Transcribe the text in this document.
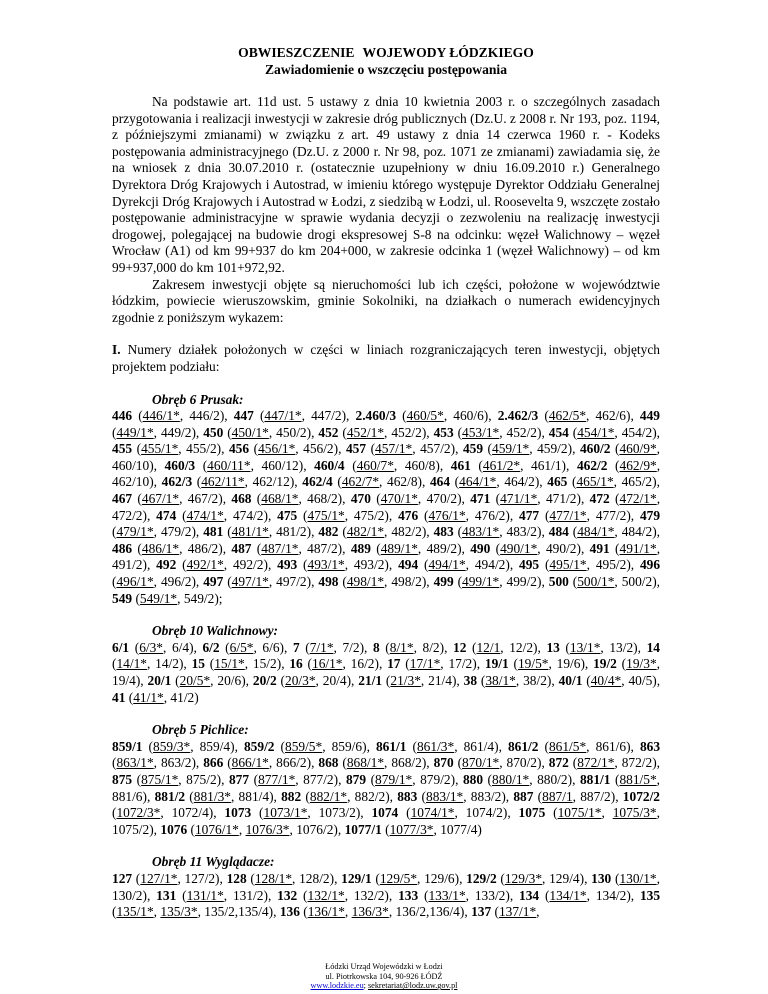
OBWIESZCZENIE WOJEWODY ŁÓDZKIEGO
Zawiadomienie o wszczęciu postępowania

Na podstawie art. 11d ust. 5 ustawy z dnia 10 kwietnia 2003 r. o szczególnych zasadach przygotowania i realizacji inwestycji w zakresie dróg publicznych (Dz.U. z 2008 r. Nr 193, poz. 1194, z późniejszymi zmianami) w związku z art. 49 ustawy z dnia 14 czerwca 1960 r. - Kodeks postępowania administracyjnego (Dz.U. z 2000 r. Nr 98, poz. 1071 ze zmianami) zawiadamia się, że na wniosek z dnia 30.07.2010 r. (ostatecznie uzupełniony w dniu 16.09.2010 r.) Generalnego Dyrektora Dróg Krajowych i Autostrad, w imieniu którego występuje Dyrektor Oddziału Generalnej Dyrekcji Dróg Krajowych i Autostrad w Łodzi, z siedzibą w Łodzi, ul. Roosevelta 9, wszczęte zostało postępowanie administracyjne w sprawie wydania decyzji o zezwoleniu na realizację inwestycji drogowej, polegającej na budowie drogi ekspresowej S-8 na odcinku: węzeł Walichnowy – węzeł Wrocław (A1) od km 99+937 do km 204+000, w zakresie odcinka 1 (węzeł Walichnowy) – od km 99+937,000 do km 101+972,92.

Zakresem inwestycji objęte są nieruchomości lub ich części, położone w województwie łódzkim, powiecie wieruszowskim, gminie Sokolniki, na działkach o numerach ewidencyjnych zgodnie z poniższym wykazem:

I. Numery działek położonych w części w liniach rozgraniczających teren inwestycji, objętych projektem podziału:
Obręb 6 Prusak:
446 (446/1*, 446/2), 447 (447/1*, 447/2), 2.460/3 (460/5*, 460/6), 2.462/3 (462/5*, 462/6), 449 (449/1*, 449/2), 450 (450/1*, 450/2), 452 (452/1*, 452/2), 453 (453/1*, 452/2), 454 (454/1*, 454/2), 455 (455/1*, 455/2), 456 (456/1*, 456/2), 457 (457/1*, 457/2), 459 (459/1*, 459/2), 460/2 (460/9*, 460/10), 460/3 (460/11*, 460/12), 460/4 (460/7*, 460/8), 461 (461/2*, 461/1), 462/2 (462/9*, 462/10), 462/3 (462/11*, 462/12), 462/4 (462/7*, 462/8), 464 (464/1*, 464/2), 465 (465/1*, 465/2), 467 (467/1*, 467/2), 468 (468/1*, 468/2), 470 (470/1*, 470/2), 471 (471/1*, 471/2), 472 (472/1*, 472/2), 474 (474/1*, 474/2), 475 (475/1*, 475/2), 476 (476/1*, 476/2), 477 (477/1*, 477/2), 479 (479/1*, 479/2), 481 (481/1*, 481/2), 482 (482/1*, 482/2), 483 (483/1*, 483/2), 484 (484/1*, 484/2), 486 (486/1*, 486/2), 487 (487/1*, 487/2), 489 (489/1*, 489/2), 490 (490/1*, 490/2), 491 (491/1*, 491/2), 492 (492/1*, 492/2), 493 (493/1*, 493/2), 494 (494/1*, 494/2), 495 (495/1*, 495/2), 496 (496/1*, 496/2), 497 (497/1*, 497/2), 498 (498/1*, 498/2), 499 (499/1*, 499/2), 500 (500/1*, 500/2), 549 (549/1*, 549/2);
Obręb 10 Walichnowy:
6/1 (6/3*, 6/4), 6/2 (6/5*, 6/6), 7 (7/1*, 7/2), 8 (8/1*, 8/2), 12 (12/1, 12/2), 13 (13/1*, 13/2), 14 (14/1*, 14/2), 15 (15/1*, 15/2), 16 (16/1*, 16/2), 17 (17/1*, 17/2), 19/1 (19/5*, 19/6), 19/2 (19/3*, 19/4), 20/1 (20/5*, 20/6), 20/2 (20/3*, 20/4), 21/1 (21/3*, 21/4), 38 (38/1*, 38/2), 40/1 (40/4*, 40/5), 41 (41/1*, 41/2)
Obręb 5 Pichlice:
859/1 (859/3*, 859/4), 859/2 (859/5*, 859/6), 861/1 (861/3*, 861/4), 861/2 (861/5*, 861/6), 863 (863/1*, 863/2), 866 (866/1*, 866/2), 868 (868/1*, 868/2), 870 (870/1*, 870/2), 872 (872/1*, 872/2), 875 (875/1*, 875/2), 877 (877/1*, 877/2), 879 (879/1*, 879/2), 880 (880/1*, 880/2), 881/1 (881/5*, 881/6), 881/2 (881/3*, 881/4), 882 (882/1*, 882/2), 883 (883/1*, 883/2), 887 (887/1, 887/2), 1072/2 (1072/3*, 1072/4), 1073 (1073/1*, 1073/2), 1074 (1074/1*, 1074/2), 1075 (1075/1*, 1075/3*, 1075/2), 1076 (1076/1*, 1076/3*, 1076/2), 1077/1 (1077/3*, 1077/4)
Obręb 11 Wyglądacze:
127 (127/1*, 127/2), 128 (128/1*, 128/2), 129/1 (129/5*, 129/6), 129/2 (129/3*, 129/4), 130 (130/1*, 130/2), 131 (131/1*, 131/2), 132 (132/1*, 132/2), 133 (133/1*, 133/2), 134 (134/1*, 134/2), 135 (135/1*, 135/3*, 135/2,135/4), 136 (136/1*, 136/3*, 136/2,136/4), 137 (137/1*,
Łódzki Urząd Wojewódzki w Łodzi
ul. Piotrkowska 104, 90-926 ŁÓDŹ
www.lodzkie.eu; sekretariat@lodz.uw.gov.pl
